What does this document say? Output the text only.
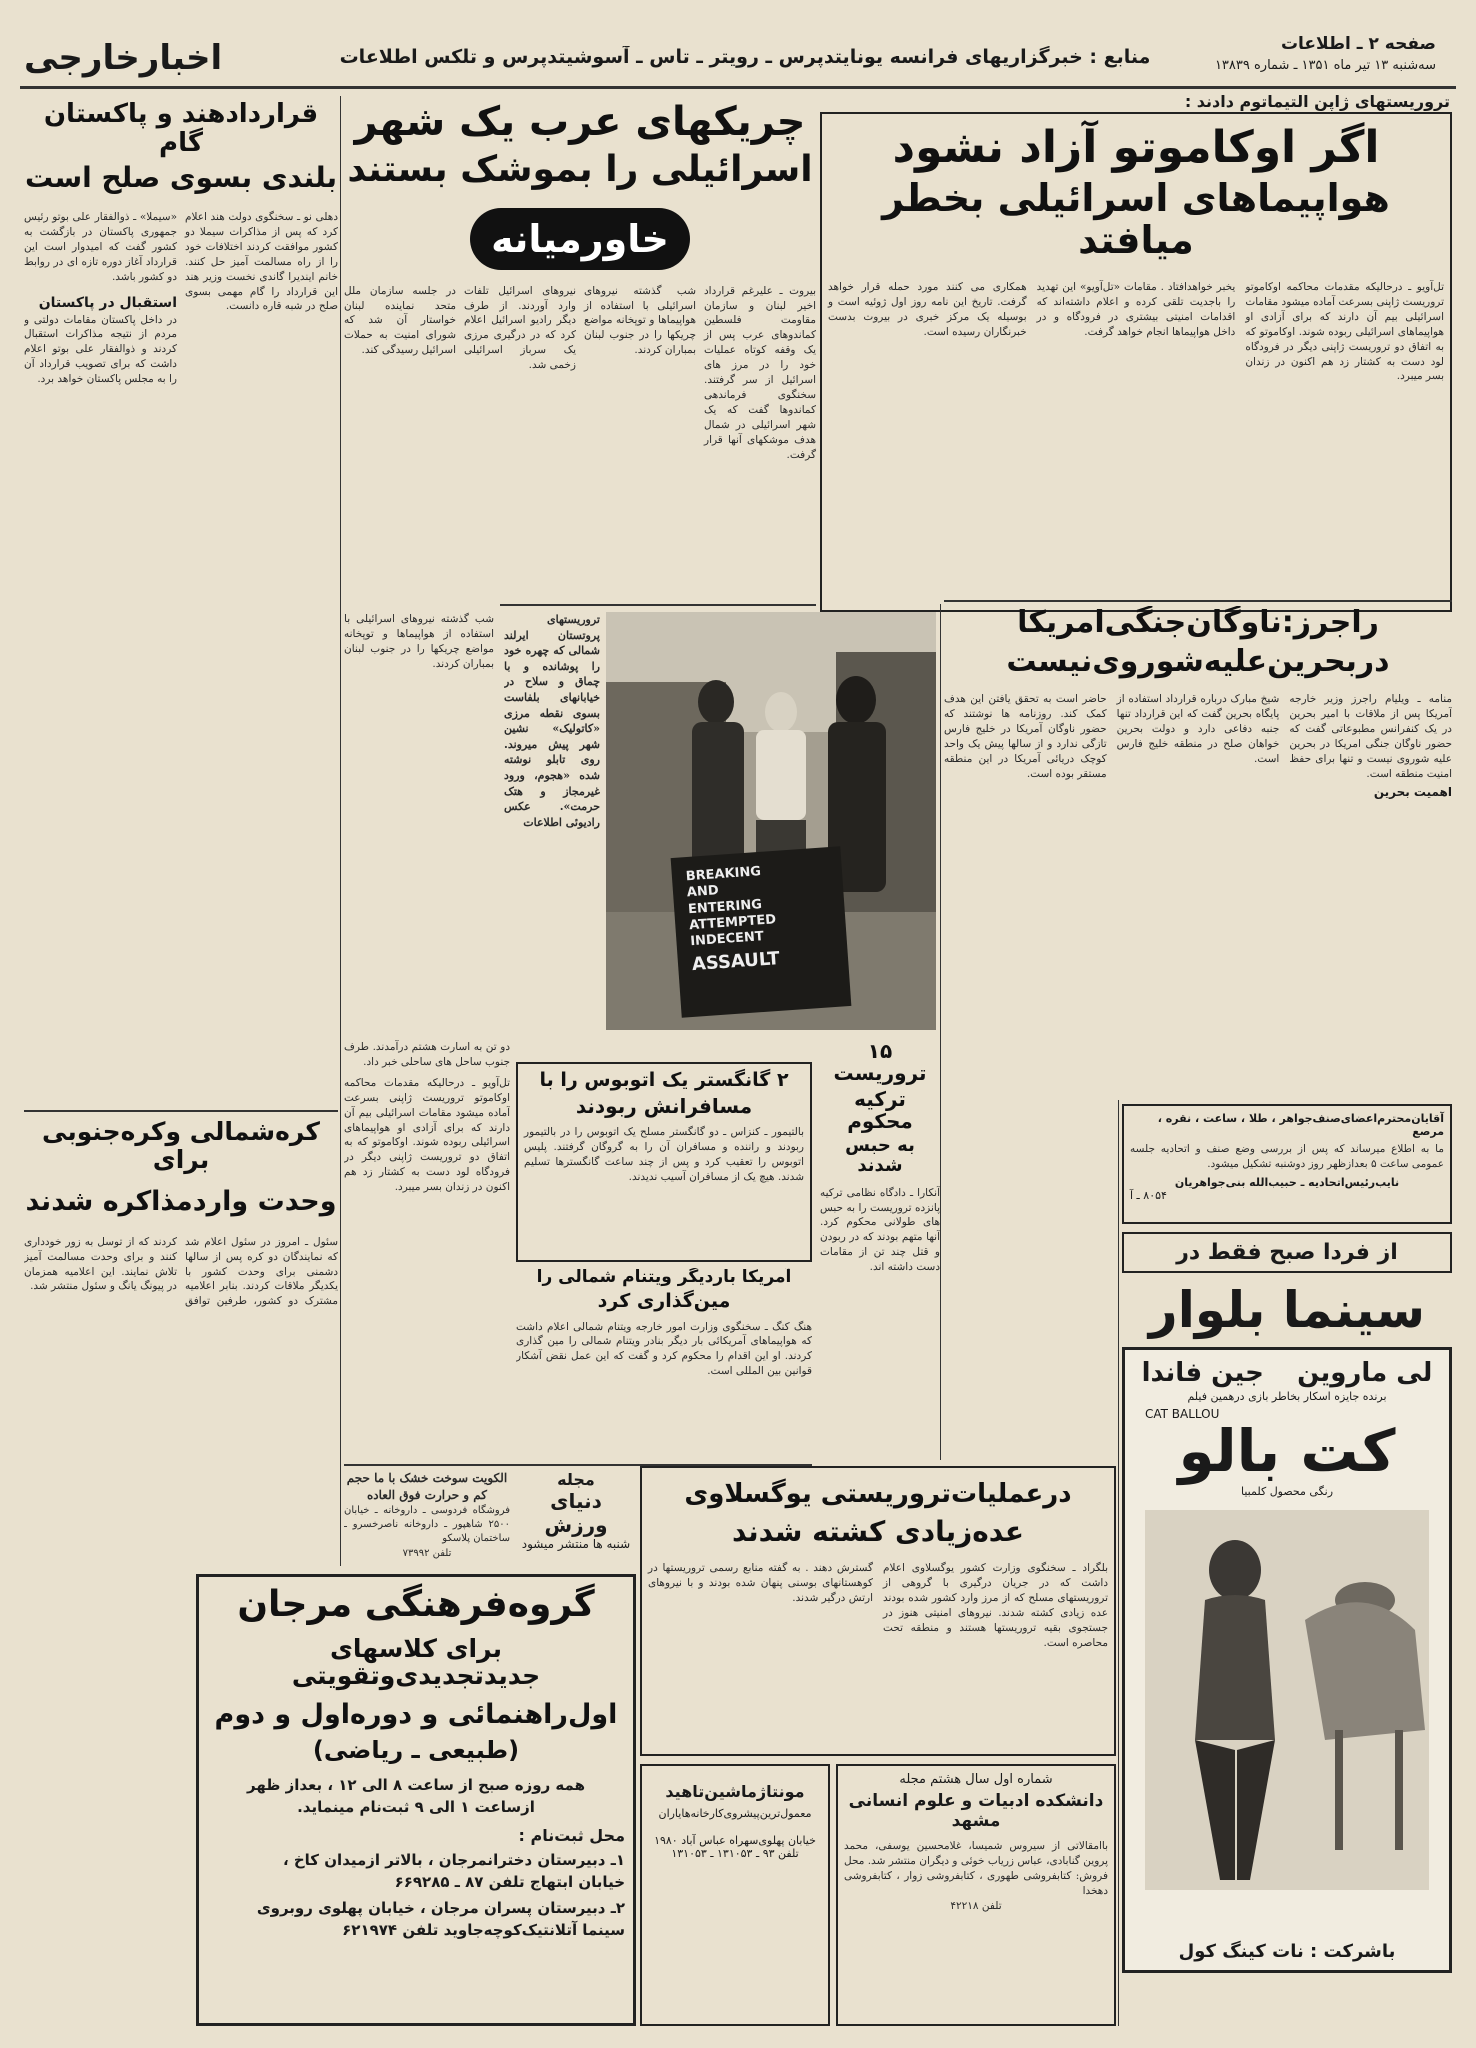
صفحه ۲ ـ اطلاعات
سه‌شنبه ۱۳ تیر ماه ۱۳۵۱ ـ شماره ۱۳۸۳۹
منابع : خبرگزاریهای فرانسه یونایتدپرس ـ رویتر ـ تاس ـ آسوشیتدپرس و تلکس اطلاعات
اخبارخارجی
تروریستهای ژاپن التیماتوم دادند :
اگر اوکاموتو آزاد نشود
هواپیماهای اسرائیلی بخطر میافتد
تل‌آویو ـ درحالیکه مقدمات محاکمه اوکاموتو تروریست ژاپنی بسرعت آماده میشود مقامات اسرائیلی بیم آن دارند که برای آزادی او هواپیماهای اسرائیلی ربوده شوند. اوکاموتو که به اتفاق دو تروریست ژاپنی دیگر در فرودگاه لود دست به کشتار زد هم اکنون در زندان بسر میبرد.
یخبر خواهدافتاد . مقامات «تل‌آویو» این تهدید را باجدیت تلقی کرده و اعلام داشته‌اند که اقدامات امنیتی بیشتری در فرودگاه و در داخل هواپیماها انجام خواهد گرفت.
همکاری می کنند مورد حمله قرار خواهد گرفت. تاریخ این نامه روز اول ژوئیه است و بوسیله یک مرکز خبری در بیروت بدست خبرنگاران رسیده است.
چریکهای عرب یک شهر
اسرائیلی را بموشک بستند
خاورمیانه
بیروت ـ علیرغم قرارداد اخیر لبنان و سازمان مقاومت فلسطین کماندوهای عرب پس از یک وقفه کوتاه عملیات خود را در مرز های اسرائیل از سر گرفتند. سخنگوی فرماندهی کماندوها گفت که یک شهر اسرائیلی در شمال هدف موشکهای آنها قرار گرفت.
شب گذشته نیروهای اسرائیلی با استفاده از هواپیماها و توپخانه مواضع چریکها را در جنوب لبنان بمباران کردند.
نیروهای اسرائیل تلفات وارد آوردند. از طرف دیگر رادیو اسرائیل اعلام کرد که در درگیری مرزی یک سرباز اسرائیلی زخمی شد.
در جلسه سازمان ملل متحد نماینده لبنان خواستار آن شد که شورای امنیت به حملات اسرائیل رسیدگی کند.
قراردادهند و پاکستان گام
بلندی بسوی صلح است
دهلی نو ـ سخنگوی دولت هند اعلام کرد که پس از مذاکرات سیملا دو کشور موافقت کردند اختلافات خود را از راه مسالمت آمیز حل کنند. خانم ایندیرا گاندی نخست وزیر هند این قرارداد را گام مهمی بسوی صلح در شبه قاره دانست.
«سیملا» ـ ذوالفقار علی بوتو رئیس جمهوری پاکستان در بازگشت به کشور گفت که امیدوار است این قرارداد آغاز دوره تازه ای در روابط دو کشور باشد.
استقبال در پاکستان
در داخل پاکستان مقامات دولتی و مردم از نتیجه مذاکرات استقبال کردند و ذوالفقار علی بوتو اعلام داشت که برای تصویب قرارداد آن را به مجلس پاکستان خواهد برد.
کره‌شمالی وکره‌جنوبی برای
وحدت واردمذاکره شدند
سئول ـ امروز در سئول اعلام شد که نمایندگان دو کره پس از سالها دشمنی برای وحدت کشور با یکدیگر ملاقات کردند. بنابر اعلامیه مشترک دو کشور، طرفین توافق کردند که از توسل به زور خودداری کنند و برای وحدت مسالمت آمیز تلاش نمایند. این اعلامیه همزمان در پیونگ یانگ و سئول منتشر شد.
BREAKING
AND
ENTERING
ATTEMPTED
INDECENT
ASSAULT
تروریستهای پروتستان ایرلند شمالی که چهره خود را پوشانده و با چماق و سلاح در خیابانهای بلفاست بسوی نقطه مرزی «کاتولیک» نشین شهر پیش میروند. روی تابلو نوشته شده «هجوم، ورود غیرمجاز و هتک حرمت». عکس رادیوئی اطلاعات
شب گذشته نیروهای اسرائیلی با استفاده از هواپیماها و توپخانه مواضع چریکها را در جنوب لبنان بمباران کردند.
راجرز:ناوگان‌جنگی‌امریکا
دربحرین‌علیه‌شوروی‌نیست
منامه ـ ویلیام راجرز وزیر خارجه آمریکا پس از ملاقات با امیر بحرین در یک کنفرانس مطبوعاتی گفت که حضور ناوگان جنگی امریکا در بحرین علیه شوروی نیست و تنها برای حفظ امنیت منطقه است.
اهمیت بحرین
شیخ مبارک درباره قرارداد استفاده از پایگاه بحرین گفت که این قرارداد تنها جنبه دفاعی دارد و دولت بحرین خواهان صلح در منطقه خلیج فارس است.
حاضر است به تحقق یافتن این هدف کمک کند. روزنامه ها نوشتند که حضور ناوگان آمریکا در خلیج فارس تازگی ندارد و از سالها پیش یک واحد کوچک دریائی آمریکا در این منطقه مستقر بوده است.
۱۵ تروریست
ترکیه محکوم
به حبس شدند
آنکارا ـ دادگاه نظامی ترکیه پانزده تروریست را به حبس های طولانی محکوم کرد. آنها متهم بودند که در ربودن و قتل چند تن از مقامات دست داشته اند.
۲ گانگستر یک اتوبوس را با
مسافرانش ربودند
بالتیمور ـ کنزاس ـ دو گانگستر مسلح یک اتوبوس را در بالتیمور ربودند و راننده و مسافران آن را به گروگان گرفتند. پلیس اتوبوس را تعقیب کرد و پس از چند ساعت گانگسترها تسلیم شدند. هیچ یک از مسافران آسیب ندیدند.
آمریکا باردیگر ویتنام شمالی را
مین‌گذاری کرد
هنگ کنگ ـ سخنگوی وزارت امور خارجه ویتنام شمالی اعلام داشت که هواپیماهای آمریکائی بار دیگر بنادر ویتنام شمالی را مین گذاری کردند. او این اقدام را محکوم کرد و گفت که این عمل نقض آشکار قوانین بین المللی است.
دو تن به اسارت هشتم درآمدند. طرف جنوب ساحل های ساحلی خبر داد.
تل‌آویو ـ درحالیکه مقدمات محاکمه اوکاموتو تروریست ژاپنی بسرعت آماده میشود مقامات اسرائیلی بیم آن دارند که برای آزادی او هواپیماهای اسرائیلی ربوده شوند. اوکاموتو که به اتفاق دو تروریست ژاپنی دیگر در فرودگاه لود دست به کشتار زد هم اکنون در زندان بسر میبرد.
الکویت سوخت خشک با ما حجم کم و حرارت فوق العاده
فروشگاه فردوسی ـ داروخانه ـ خیابان ۲۵۰۰ شاهپور ـ داروخانه ناصرخسرو ـ ساختمان پلاسکو
تلفن ۷۳۹۹۲
مجله
دنیای ورزش
شنبه ها منتشر میشود
درعملیات‌تروریستی یوگسلاوی
عده‌زیادی کشته شدند
بلگراد ـ سخنگوی وزارت کشور یوگسلاوی اعلام داشت که در جریان درگیری با گروهی از تروریستهای مسلح که از مرز وارد کشور شده بودند عده زیادی کشته شدند. نیروهای امنیتی هنوز در جستجوی بقیه تروریستها هستند و منطقه تحت محاصره است.
گسترش دهند . به گفته منابع رسمی تروریستها در کوهستانهای بوسنی پنهان شده بودند و با نیروهای ارتش درگیر شدند.
گروه‌فرهنگی مرجان
برای کلاسهای جدیدتجدیدی‌وتقویتی
اول‌راهنمائی و دوره‌اول و دوم
(طبیعی ـ ریاضی)
همه روزه صبح از ساعت ۸ الی ۱۲ ، بعداز ظهر
ازساعت ۱ الی ۹ ثبت‌نام مینماید.
محل ثبت‌نام :
۱ـ دبیرستان دخترانمرجان ، بالاتر ازمیدان کاخ ،
خیابان ابتهاج تلفن ۸۷ ـ ۶۶۹۲۸۵
۲ـ دبیرستان پسران مرجان ، خیابان پهلوی روبروی
سینما آتلانتیک‌کوچه‌جاوید تلفن ۶۲۱۹۷۴
مونتاژ‌ماشین‌تاهید
معمول‌ترین‌پیشروی‌کارخانه‌هایاران
خیابان پهلوی‌سهراه عباس آباد ۱۹۸۰ تلفن ۹۳ ـ ۱۳۱۰۵۳ ـ ۱۳۱۰۵۳
شماره اول سال هشتم مجله
دانشکده ادبیات و علوم انسانی مشهد
باامقالاتی از سیروس شمیسا، غلامحسین یوسفی، محمد پروین گنابادی، عباس زریاب خوئی و دیگران منتشر شد. محل فروش: کتابفروشی طهوری ، کتابفروشی زوار ، کتابفروشی دهخدا
تلفن ۴۲۲۱۸
آقایان‌محترم‌اعضای‌صنف‌جواهر ، طلا ، ساعت ، نقره ، مرصع
ما به اطلاع میرساند که پس از بررسی وضع صنف و اتحادیه جلسه عمومی ساعت ۵ بعدازظهر روز دوشنبه تشکیل میشود.
نایب‌رئیس‌اتحادیه ـ حبیب‌الله‌ بنی‌جواهریان
۸۰۵۴ ـ آ
از فردا صبح فقط در
سینما بلوار
لی ماروین
جین فاندا
برنده جایزه اسکار بخاطر بازی درهمین فیلم
CAT BALLOU
کت بالو
رنگی محصول کلمبیا
باشرکت : نات کینگ کول
